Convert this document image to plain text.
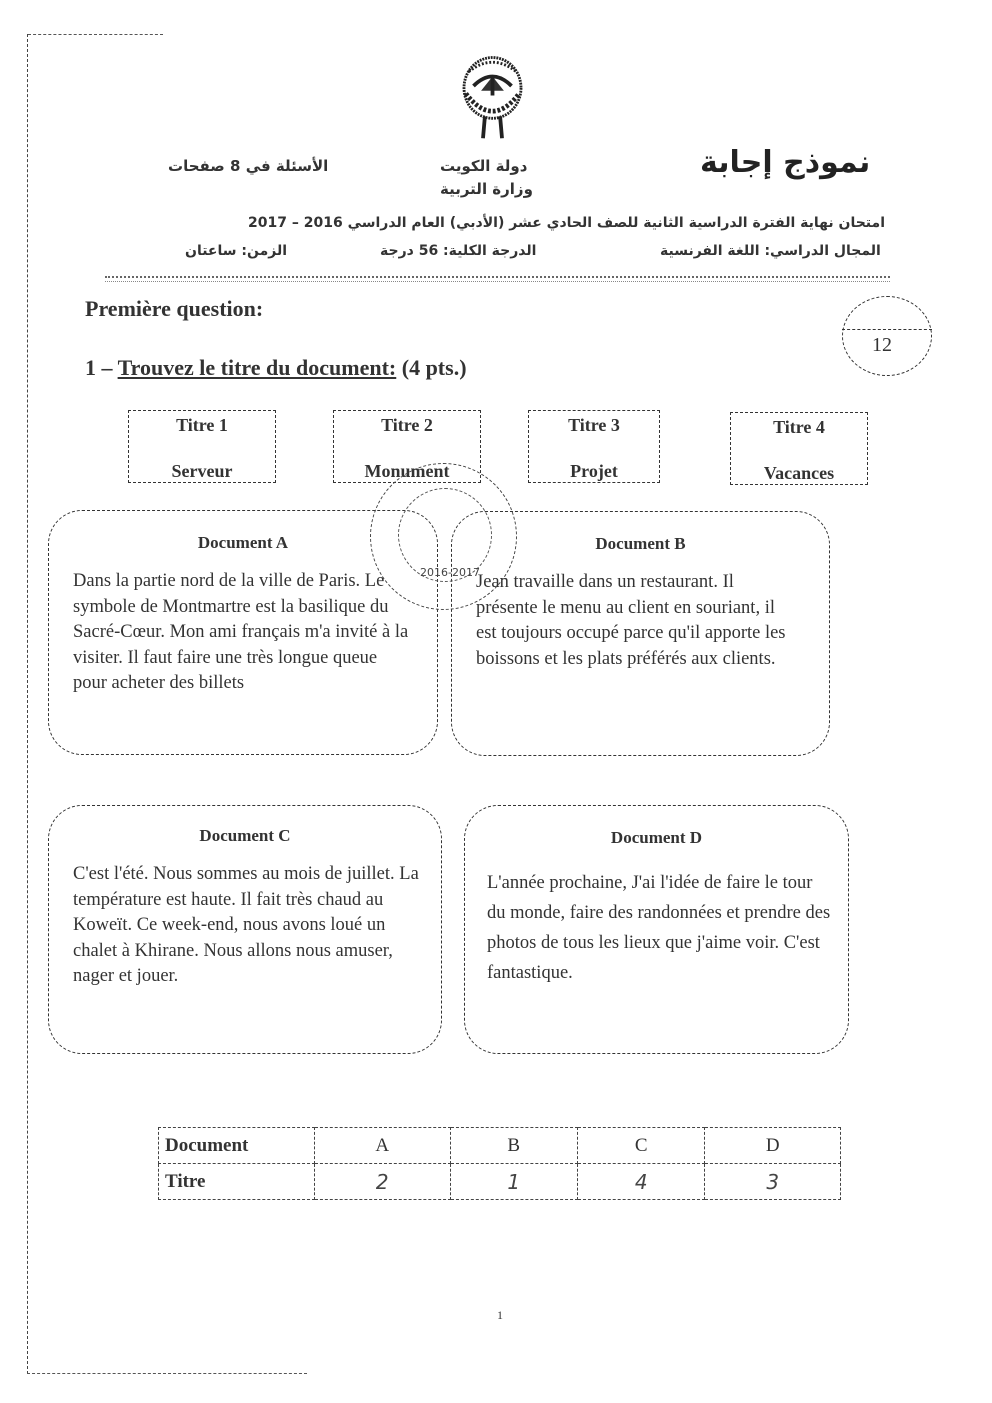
نموذج إجابة
دولة الكويت
وزارة التربية
الأسئلة في 8 صفحات
امتحان نهاية الفترة الدراسية الثانية للصف الحادي عشر (الأدبي) العام الدراسي 2016 – 2017
المجال الدراسي: اللغة الفرنسية
الدرجة الكلية: 56 درجة
الزمن: ساعتان
Première question:
12
1 – Trouvez le titre du document: (4 pts.)
Titre 1
Serveur
Titre 2
Monument
Titre 3
Projet
Titre 4
Vacances
Document A
Dans la partie nord de la ville de Paris. Le symbole de Montmartre est la basilique du Sacré-Cœur. Mon ami français m'a invité à la visiter. Il faut faire une très longue queue pour acheter des billets
Document B
Jean travaille dans un restaurant. Il présente le menu au client en souriant, il est toujours occupé parce qu'il apporte les boissons et les plats préférés aux clients.
Document C
C'est l'été. Nous sommes au mois de juillet. La température est haute. Il fait très chaud au Koweït. Ce week-end, nous avons loué un chalet à Khirane. Nous allons nous amuser, nager et jouer.
Document D
L'année prochaine, J'ai l'idée de faire le tour du monde, faire des randonnées et prendre des photos de tous les lieux que j'aime voir. C'est fantastique.
2016-2017
Document	A	B	C	D
Titre	2	1	4	3
1
